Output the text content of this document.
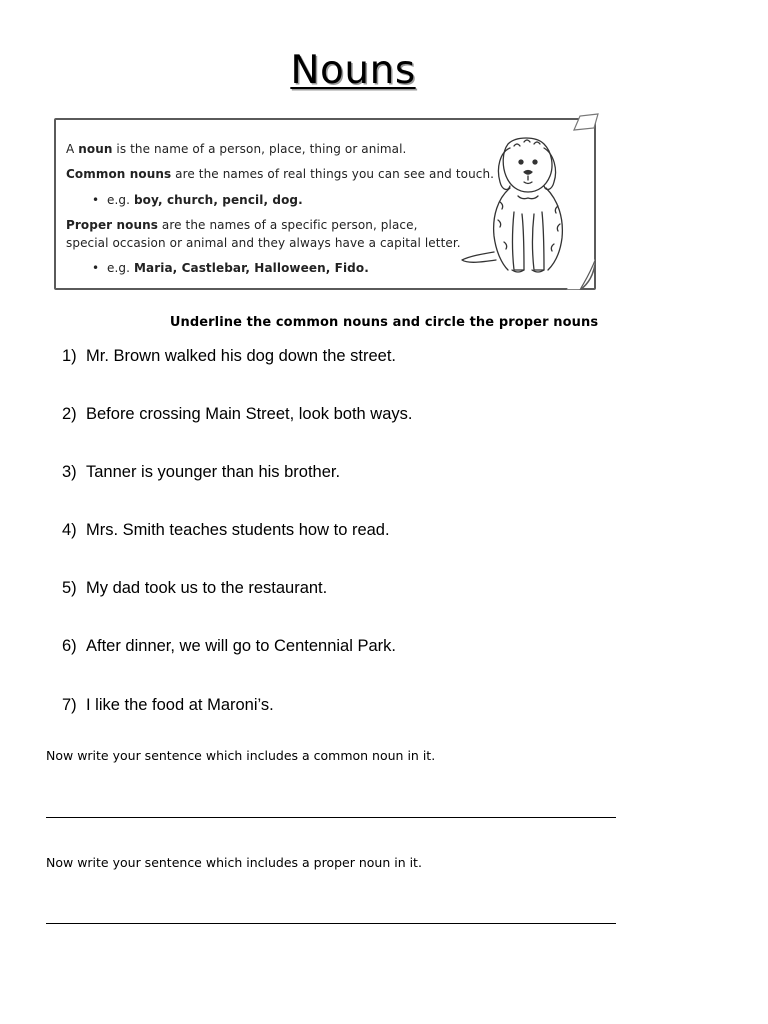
Nouns
A noun is the name of a person, place, thing or animal.
Common nouns are the names of real things you can see and touch.
• e.g. boy, church, pencil, dog.
Proper nouns are the names of a specific person, place,
special occasion or animal and they always have a capital letter.
• e.g. Maria, Castlebar, Halloween, Fido.
Underline the common nouns and circle the proper nouns
1) Mr. Brown walked his dog down the street.
2) Before crossing Main Street, look both ways.
3) Tanner is younger than his brother.
4) Mrs. Smith teaches students how to read.
5) My dad took us to the restaurant.
6) After dinner, we will go to Centennial Park.
7) I like the food at Maroni’s.
Now write your sentence which includes a common noun in it.
Now write your sentence which includes a proper noun in it.
